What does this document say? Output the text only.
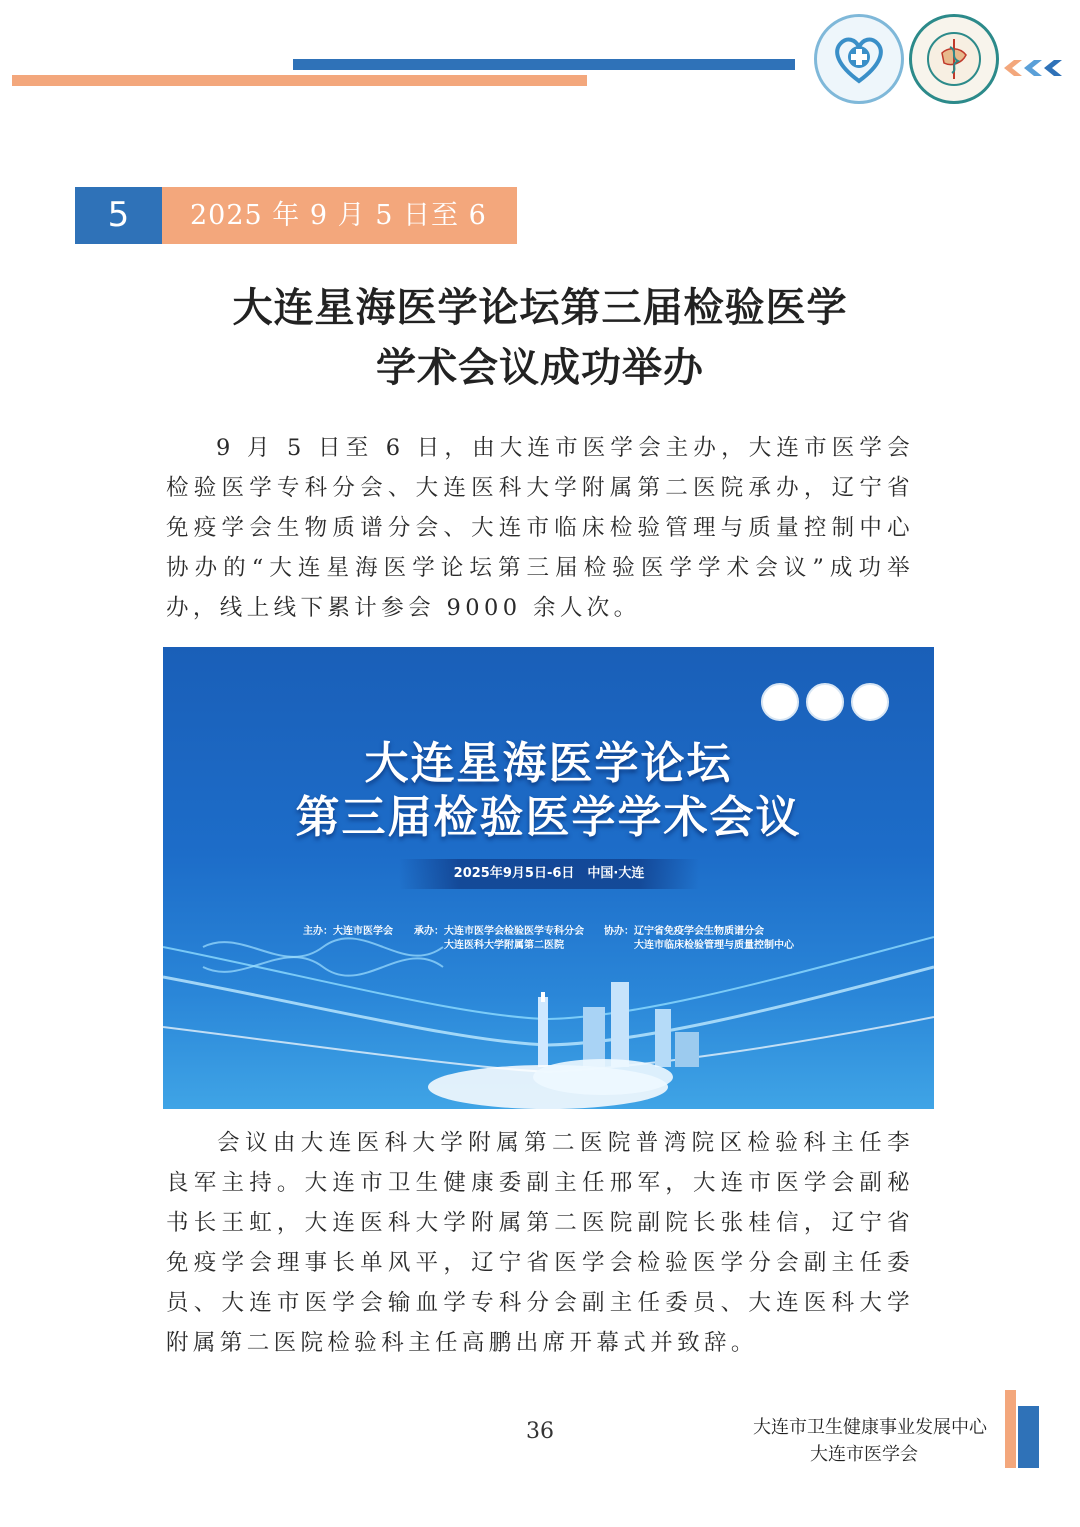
5	2025 年 9 月 5 日至 6 日
大连星海医学论坛第三届检验医学
学术会议成功举办
9 月 5 日至 6 日，由大连市医学会主办，大连市医学会检验医学专科分会、大连医科大学附属第二医院承办，辽宁省免疫学会生物质谱分会、大连市临床检验管理与质量控制中心协办的“大连星海医学论坛第三届检验医学学术会议”成功举办，线上线下累计参会 9000 余人次。
大连星海医学论坛
第三届检验医学学术会议
2025年9月5日-6日　中国·大连
主办：大连市医学会 承办：大连市医学会检验医学专科分会
大连医科大学附属第二医院
协办：辽宁省免疫学会生物质谱分会
大连市临床检验管理与质量控制中心
会议由大连医科大学附属第二医院普湾院区检验科主任李良军主持。大连市卫生健康委副主任邢军，大连市医学会副秘书长王虹，大连医科大学附属第二医院副院长张桂信，辽宁省免疫学会理事长单风平，辽宁省医学会检验医学分会副主任委员、大连市医学会输血学专科分会副主任委员、大连医科大学附属第二医院检验科主任高鹏出席开幕式并致辞。
36	大连市卫生健康事业发展中心
大连市医学会
